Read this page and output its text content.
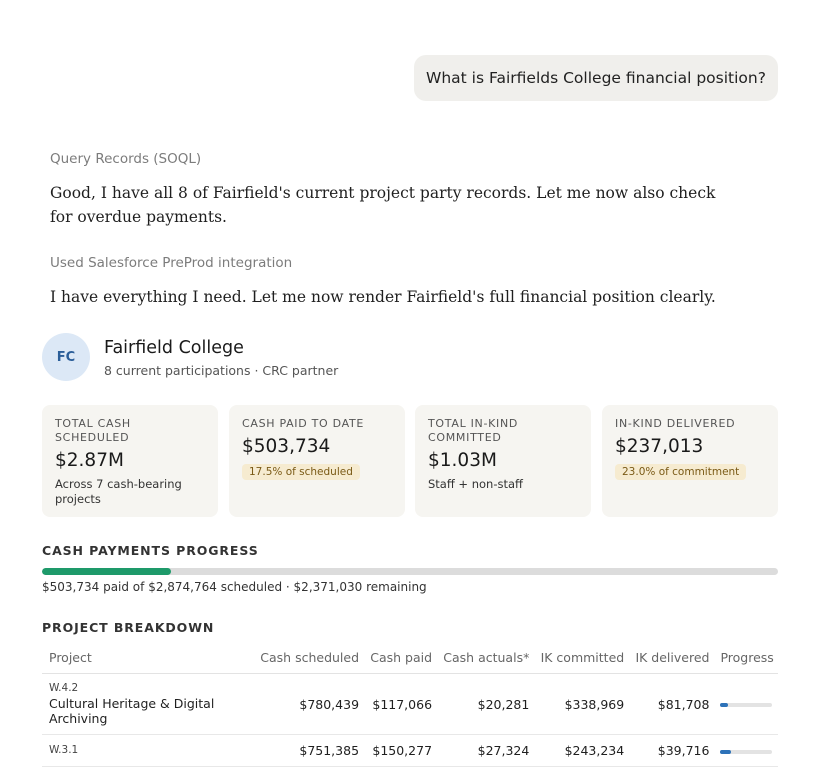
What is Fairfields College financial position?
Query Records (SOQL)
Good, I have all 8 of Fairfield's current project party records. Let me now also check for overdue payments.
Used Salesforce PreProd integration
I have everything I need. Let me now render Fairfield's full financial position clearly.
FC Fairfield College
8 current participations · CRC partner
TOTAL CASH SCHEDULED
$2.87M
Across 7 cash-bearing projects
CASH PAID TO DATE
$503,734
17.5% of scheduled
TOTAL IN-KIND COMMITTED
$1.03M
Staff + non-staff
IN-KIND DELIVERED
$237,013
23.0% of commitment
CASH PAYMENTS PROGRESS
$503,734 paid of $2,874,764 scheduled · $2,371,030 remaining
PROJECT BREAKDOWN
Project	Cash scheduled	Cash paid	Cash actuals*	IK committed	IK delivered	Progress

W.4.2
Cultural Heritage & Digital Archiving	$780,439	$117,066	$20,281	$338,969	$81,708	

W.3.1	$751,385	$150,277	$27,324	$243,234	$39,716	
